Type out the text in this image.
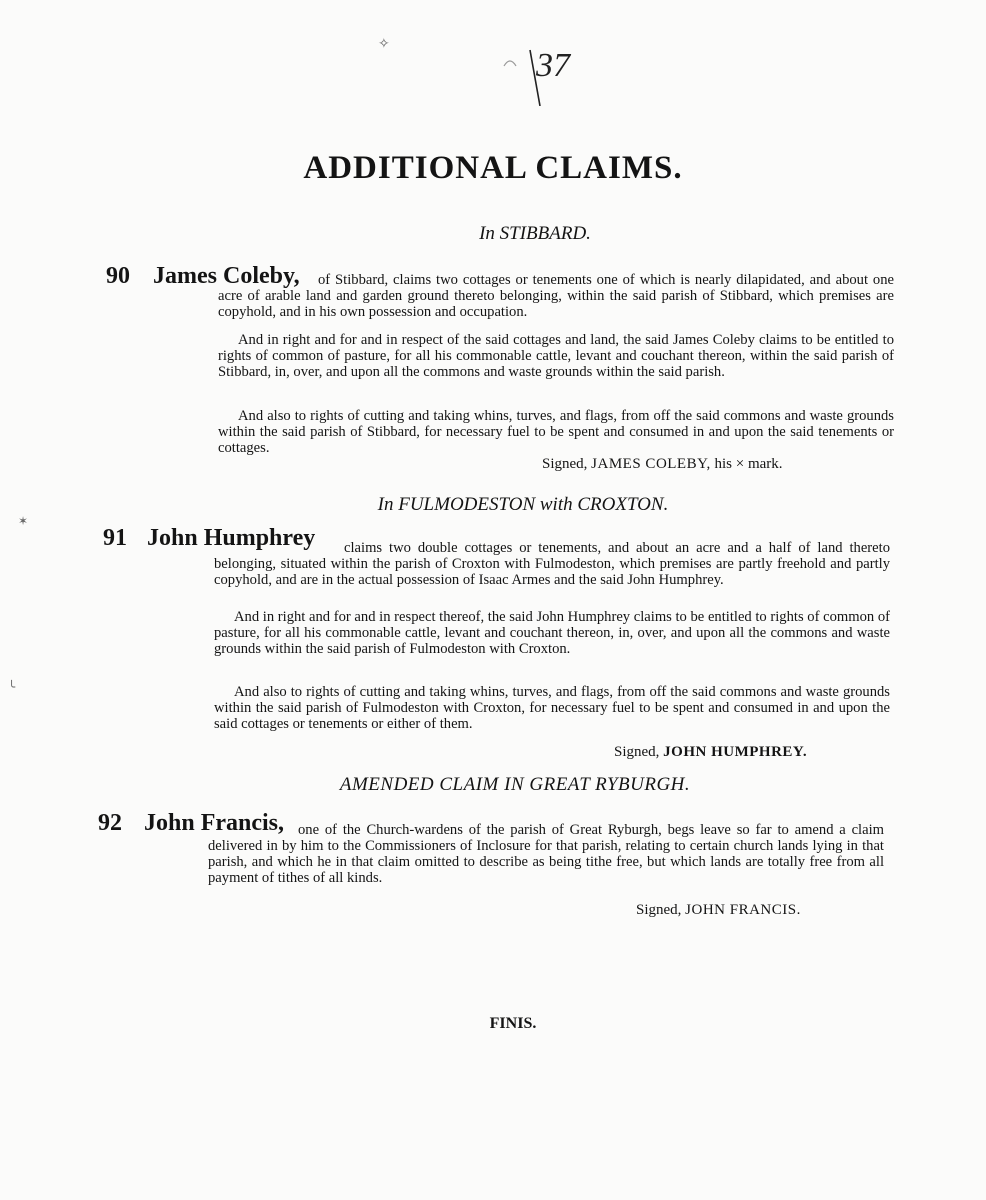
37
✧
ADDITIONAL CLAIMS.
In STIBBARD.
90 James Coleby,	of Stibbard, claims two cottages or tenements one of which is nearly dilapidated, and about one acre of arable land and garden ground thereto belonging, within the said parish of Stibbard, which premises are copyhold, and in his own possession and occupation.
And in right and for and in respect of the said cottages and land, the said James Coleby claims to be entitled to rights of common of pasture, for all his commonable cattle, levant and couchant thereon, within the said parish of Stibbard, in, over, and upon all the commons and waste grounds within the said parish.
And also to rights of cutting and taking whins, turves, and flags, from off the said commons and waste grounds within the said parish of Stibbard, for necessary fuel to be spent and consumed in and upon the said tenements or cottages.
Signed, JAMES COLEBY, his × mark.
In FULMODESTON with CROXTON.
91 John Humphrey	claims two double cottages or tenements, and about an acre and a half of land thereto belonging, situated within the parish of Croxton with Fulmodeston, which premises are partly freehold and partly copyhold, and are in the actual possession of Isaac Armes and the said John Humphrey.
And in right and for and in respect thereof, the said John Humphrey claims to be entitled to rights of common of pasture, for all his commonable cattle, levant and couchant thereon, in, over, and upon all the commons and waste grounds within the said parish of Fulmodeston with Croxton.
And also to rights of cutting and taking whins, turves, and flags, from off the said commons and waste grounds within the said parish of Fulmodeston with Croxton, for necessary fuel to be spent and consumed in and upon the said cottages or tenements or either of them.
Signed, JOHN HUMPHREY.
AMENDED CLAIM IN GREAT RYBURGH.
92 John Francis, one of the Church-wardens of the parish of Great Ryburgh, begs leave so far to amend a claim delivered in by him to the Commissioners of Inclosure for that parish, relating to certain church lands lying in that parish, and which he in that claim omitted to describe as being tithe free, but which lands are totally free from all payment of tithes of all kinds.
Signed, JOHN FRANCIS.
FINIS.
✶
╰
